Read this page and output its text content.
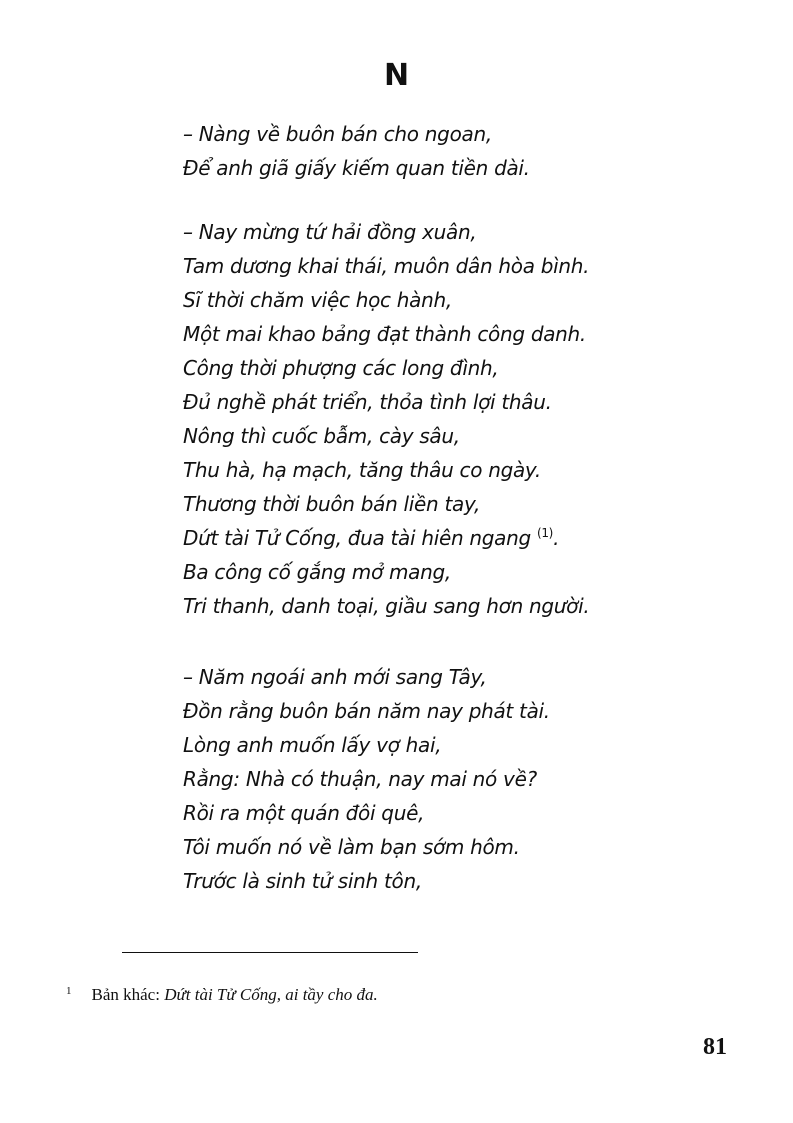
N
– Nàng về buôn bán cho ngoan,
Để anh giã giấy kiếm quan tiền dài.
– Nay mừng tứ hải đồng xuân,
Tam dương khai thái, muôn dân hòa bình.
Sĩ thời chăm việc học hành,
Một mai khao bảng đạt thành công danh.
Công thời phượng các long đình,
Đủ nghề phát triển, thỏa tình lợi thâu.
Nông thì cuốc bẫm, cày sâu,
Thu hà, hạ mạch, tăng thâu co ngày.
Thương thời buôn bán liền tay,
Dứt tài Tử Cống, đua tài hiên ngang $^{(1)}$.
Ba công cố gắng mở mang,
Tri thanh, danh toại, giầu sang hơn người.
– Năm ngoái anh mới sang Tây,
Đồn rằng buôn bán năm nay phát tài.
Lòng anh muốn lấy vợ hai,
Rằng: Nhà có thuận, nay mai nó về?
Rồi ra một quán đôi quê,
Tôi muốn nó về làm bạn sớm hôm.
Trước là sinh tử sinh tôn,
$^1$ Bản khác: Dứt tài Tử Cống, ai tầy cho đa.
81
